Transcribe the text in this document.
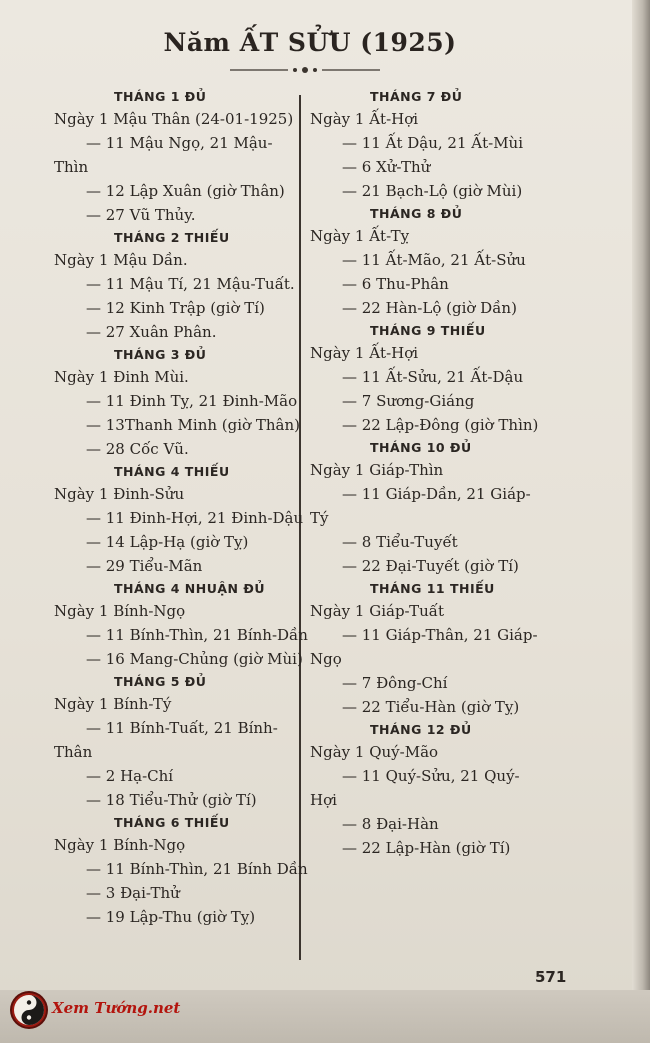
Năm ẤT SỬU (1925)
THÁNG 1 ĐỦ
Ngày 1 Mậu Thân (24-01-1925)
— 11 Mậu Ngọ, 21 Mậu-
Thìn
— 12 Lập Xuân (giờ Thân)
— 27 Vũ Thủy.
THÁNG 2 THIẾU
Ngày 1 Mậu Dần.
— 11 Mậu Tí, 21 Mậu-Tuất.
— 12 Kinh Trập (giờ Tí)
— 27 Xuân Phân.
THÁNG 3 ĐỦ
Ngày 1 Đinh Mùi.
— 11 Đinh Tỵ, 21 Đinh-Mão
— 13Thanh Minh (giờ Thân)
— 28 Cốc Vũ.
THÁNG 4 THIẾU
Ngày 1 Đinh-Sửu
— 11 Đinh-Hợi, 21 Đinh-Dậu
— 14 Lập-Hạ (giờ Tỵ)
— 29 Tiểu-Mãn
THÁNG 4 NHUẬN ĐỦ
Ngày 1 Bính-Ngọ
— 11 Bính-Thìn, 21 Bính-Dần
— 16 Mang-Chủng (giờ Mùi)
THÁNG 5 ĐỦ
Ngày 1 Bính-Tý
— 11 Bính-Tuất, 21 Bính-
Thân
— 2 Hạ-Chí
— 18 Tiểu-Thử (giờ Tí)
THÁNG 6 THIẾU
Ngày 1 Bính-Ngọ
— 11 Bính-Thìn, 21 Bính Dần
— 3 Đại-Thử
— 19 Lập-Thu (giờ Tỵ)
THÁNG 7 ĐỦ
Ngày 1 Ất-Hợi
— 11 Ất Dậu, 21 Ất-Mùi
— 6 Xử-Thử
— 21 Bạch-Lộ (giờ Mùi)
THÁNG 8 ĐỦ
Ngày 1 Ất-Tỵ
— 11 Ất-Mão, 21 Ất-Sửu
— 6 Thu-Phân
— 22 Hàn-Lộ (giờ Dần)
THÁNG 9 THIẾU
Ngày 1 Ất-Hợi
— 11 Ất-Sửu, 21 Ất-Dậu
— 7 Sương-Giáng
— 22 Lập-Đông (giờ Thìn)
THÁNG 10 ĐỦ
Ngày 1 Giáp-Thìn
— 11 Giáp-Dần, 21 Giáp-
Tý
— 8 Tiểu-Tuyết
— 22 Đại-Tuyết (giờ Tí)
THÁNG 11 THIẾU
Ngày 1 Giáp-Tuất
— 11 Giáp-Thân, 21 Giáp-
Ngọ
— 7 Đông-Chí
— 22 Tiểu-Hàn (giờ Tỵ)
THÁNG 12 ĐỦ
Ngày 1 Quý-Mão
— 11 Quý-Sửu, 21 Quý-
Hợi
— 8 Đại-Hàn
— 22 Lập-Hàn (giờ Tí)
571
Xem Tướng.net
